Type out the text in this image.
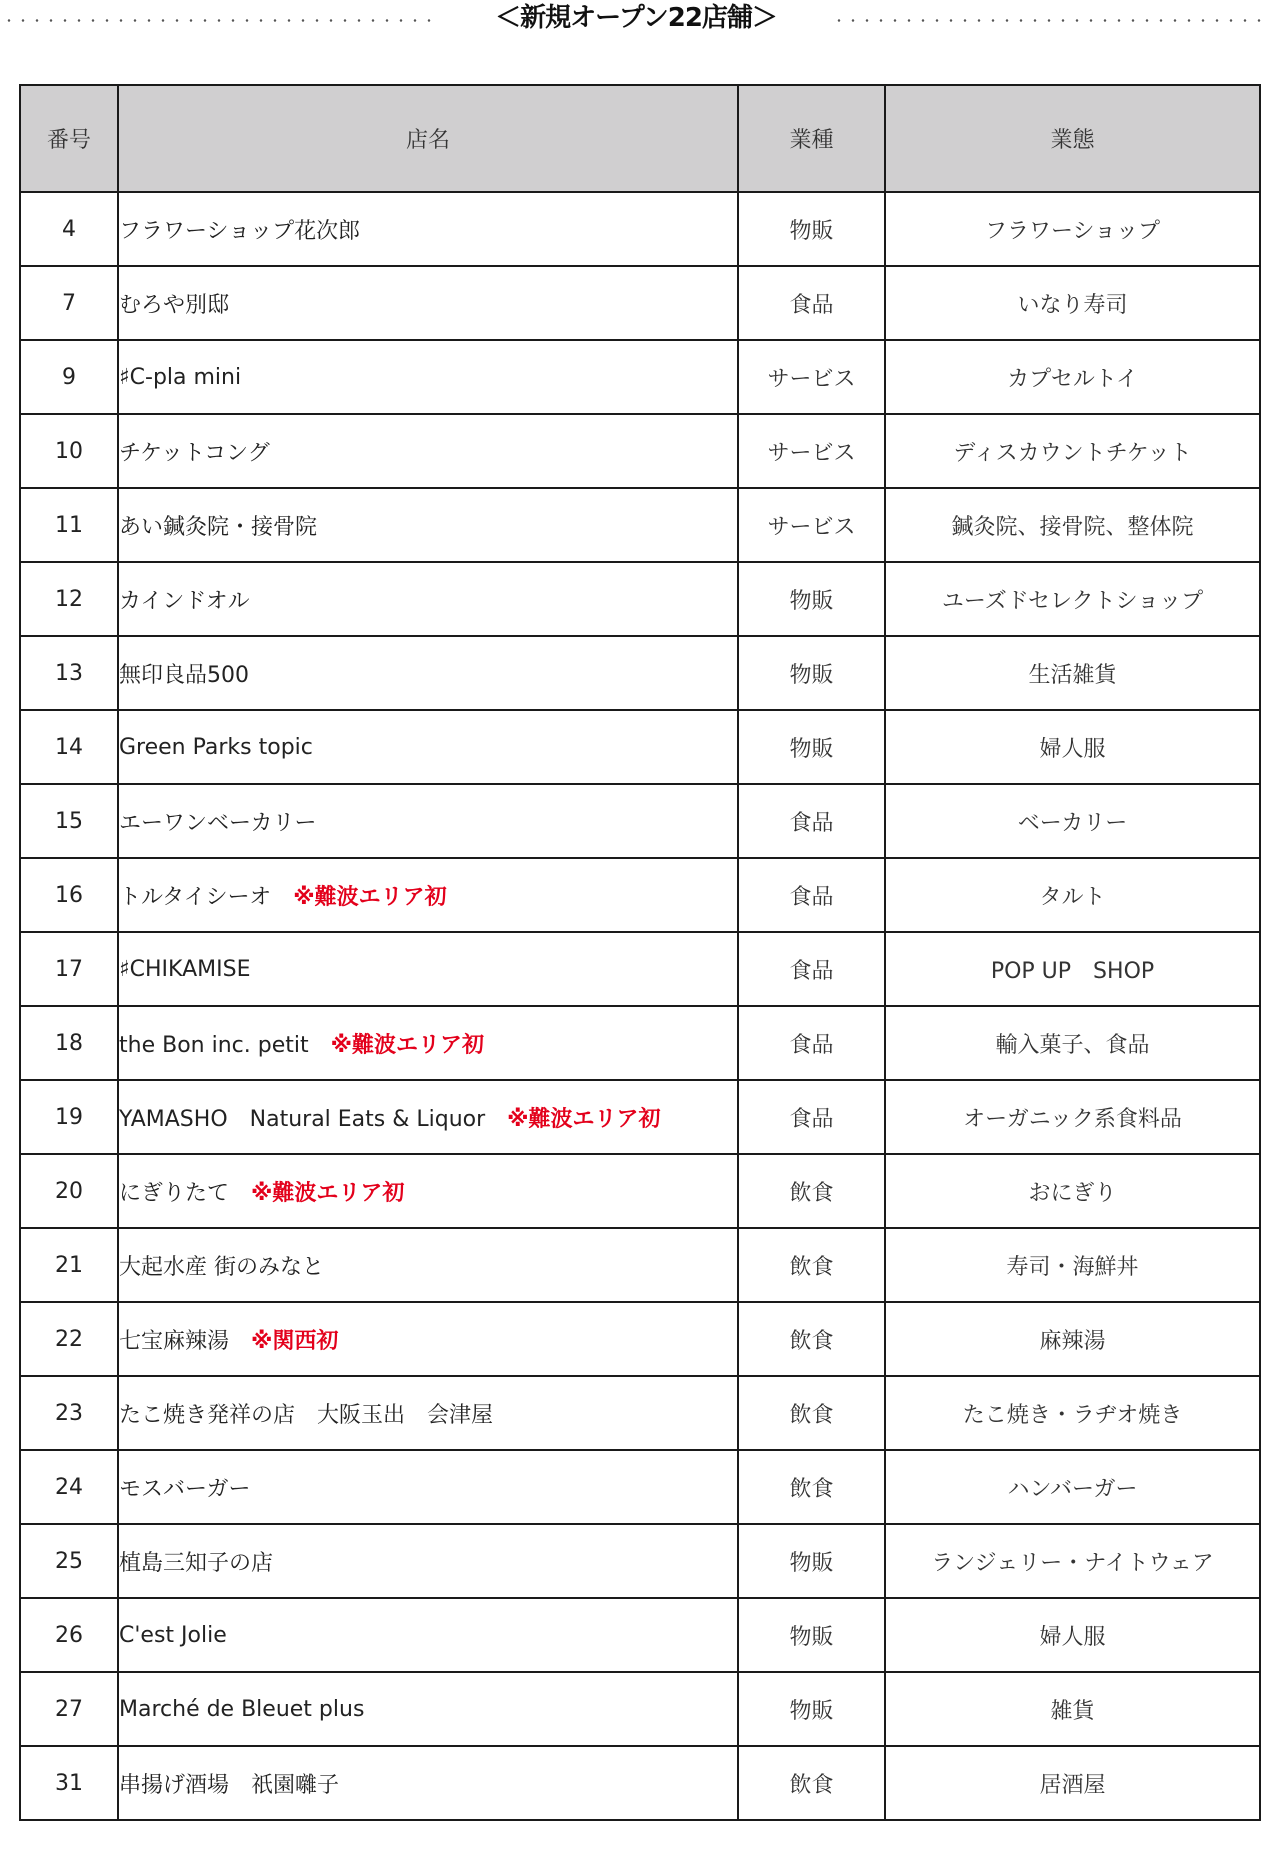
＜新規オープン22店舗＞
番号	店名	業種	業態
4	フラワーショップ花次郎	物販	フラワーショップ
7	むろや別邸	食品	いなり寿司
9	♯C-pla mini	サービス	カプセルトイ
10	チケットコング	サービス	ディスカウントチケット
11	あい鍼灸院・接骨院	サービス	鍼灸院、接骨院、整体院
12	カインドオル	物販	ユーズドセレクトショップ
13	無印良品500	物販	生活雑貨
14	Green Parks topic	物販	婦人服
15	エーワンベーカリー	食品	ベーカリー
16	トルタイシーオ ※難波エリア初	食品	タルト
17	♯CHIKAMISE	食品	POP UP　SHOP
18	the Bon inc. petit ※難波エリア初	食品	輸入菓子、食品
19	YAMASHO　Natural Eats & Liquor ※難波エリア初	食品	オーガニック系食料品
20	にぎりたて ※難波エリア初	飲食	おにぎり
21	大起水産 街のみなと	飲食	寿司・海鮮丼
22	七宝麻辣湯 ※関西初	飲食	麻辣湯
23	たこ焼き発祥の店　大阪玉出　会津屋	飲食	たこ焼き・ラヂオ焼き
24	モスバーガー	飲食	ハンバーガー
25	植島三知子の店	物販	ランジェリー・ナイトウェア
26	C'est Jolie	物販	婦人服
27	Marché de Bleuet plus	物販	雑貨
31	串揚げ酒場　祇園囃子	飲食	居酒屋
